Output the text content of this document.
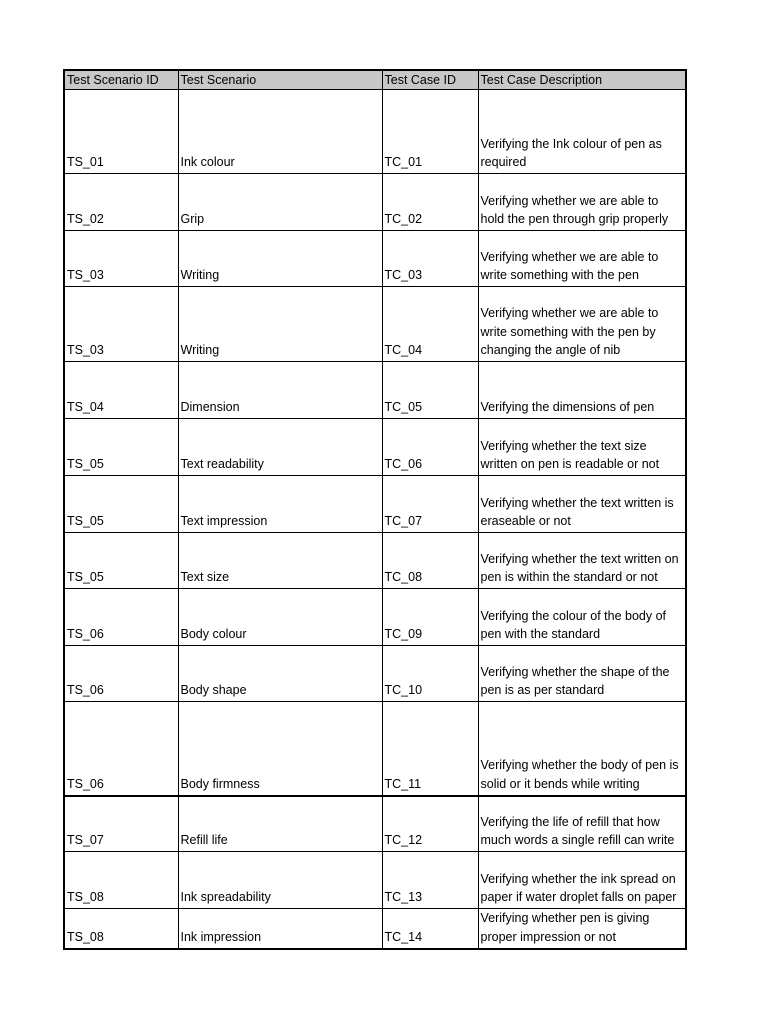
Test Scenario ID	Test Scenario	Test Case ID	Test Case Description
TS_01	Ink colour	TC_01	Verifying the Ink colour of pen as required
TS_02	Grip	TC_02	Verifying whether we are able to hold the pen through grip properly
TS_03	Writing	TC_03	Verifying whether we are able to write something with the pen
TS_03	Writing	TC_04	Verifying whether we are able to write something with the pen by changing the angle of nib
TS_04	Dimension	TC_05	Verifying the dimensions of pen
TS_05	Text readability	TC_06	Verifying whether the text size written on pen is readable or not
TS_05	Text impression	TC_07	Verifying whether the text written is eraseable or not
TS_05	Text size	TC_08	Verifying whether the text written on pen is within the standard or not
TS_06	Body colour	TC_09	Verifying the colour of the body of pen with the standard
TS_06	Body shape	TC_10	Verifying whether the shape of the pen is as per standard
TS_06	Body firmness	TC_11	Verifying whether the body of pen is solid or it bends while writing
TS_07	Refill life	TC_12	Verifying the life of refill that how much words a single refill can write
TS_08	Ink spreadability	TC_13	Verifying whether the ink spread on paper if water droplet falls on paper
TS_08	Ink impression	TC_14	Verifying whether pen is giving proper impression or not
